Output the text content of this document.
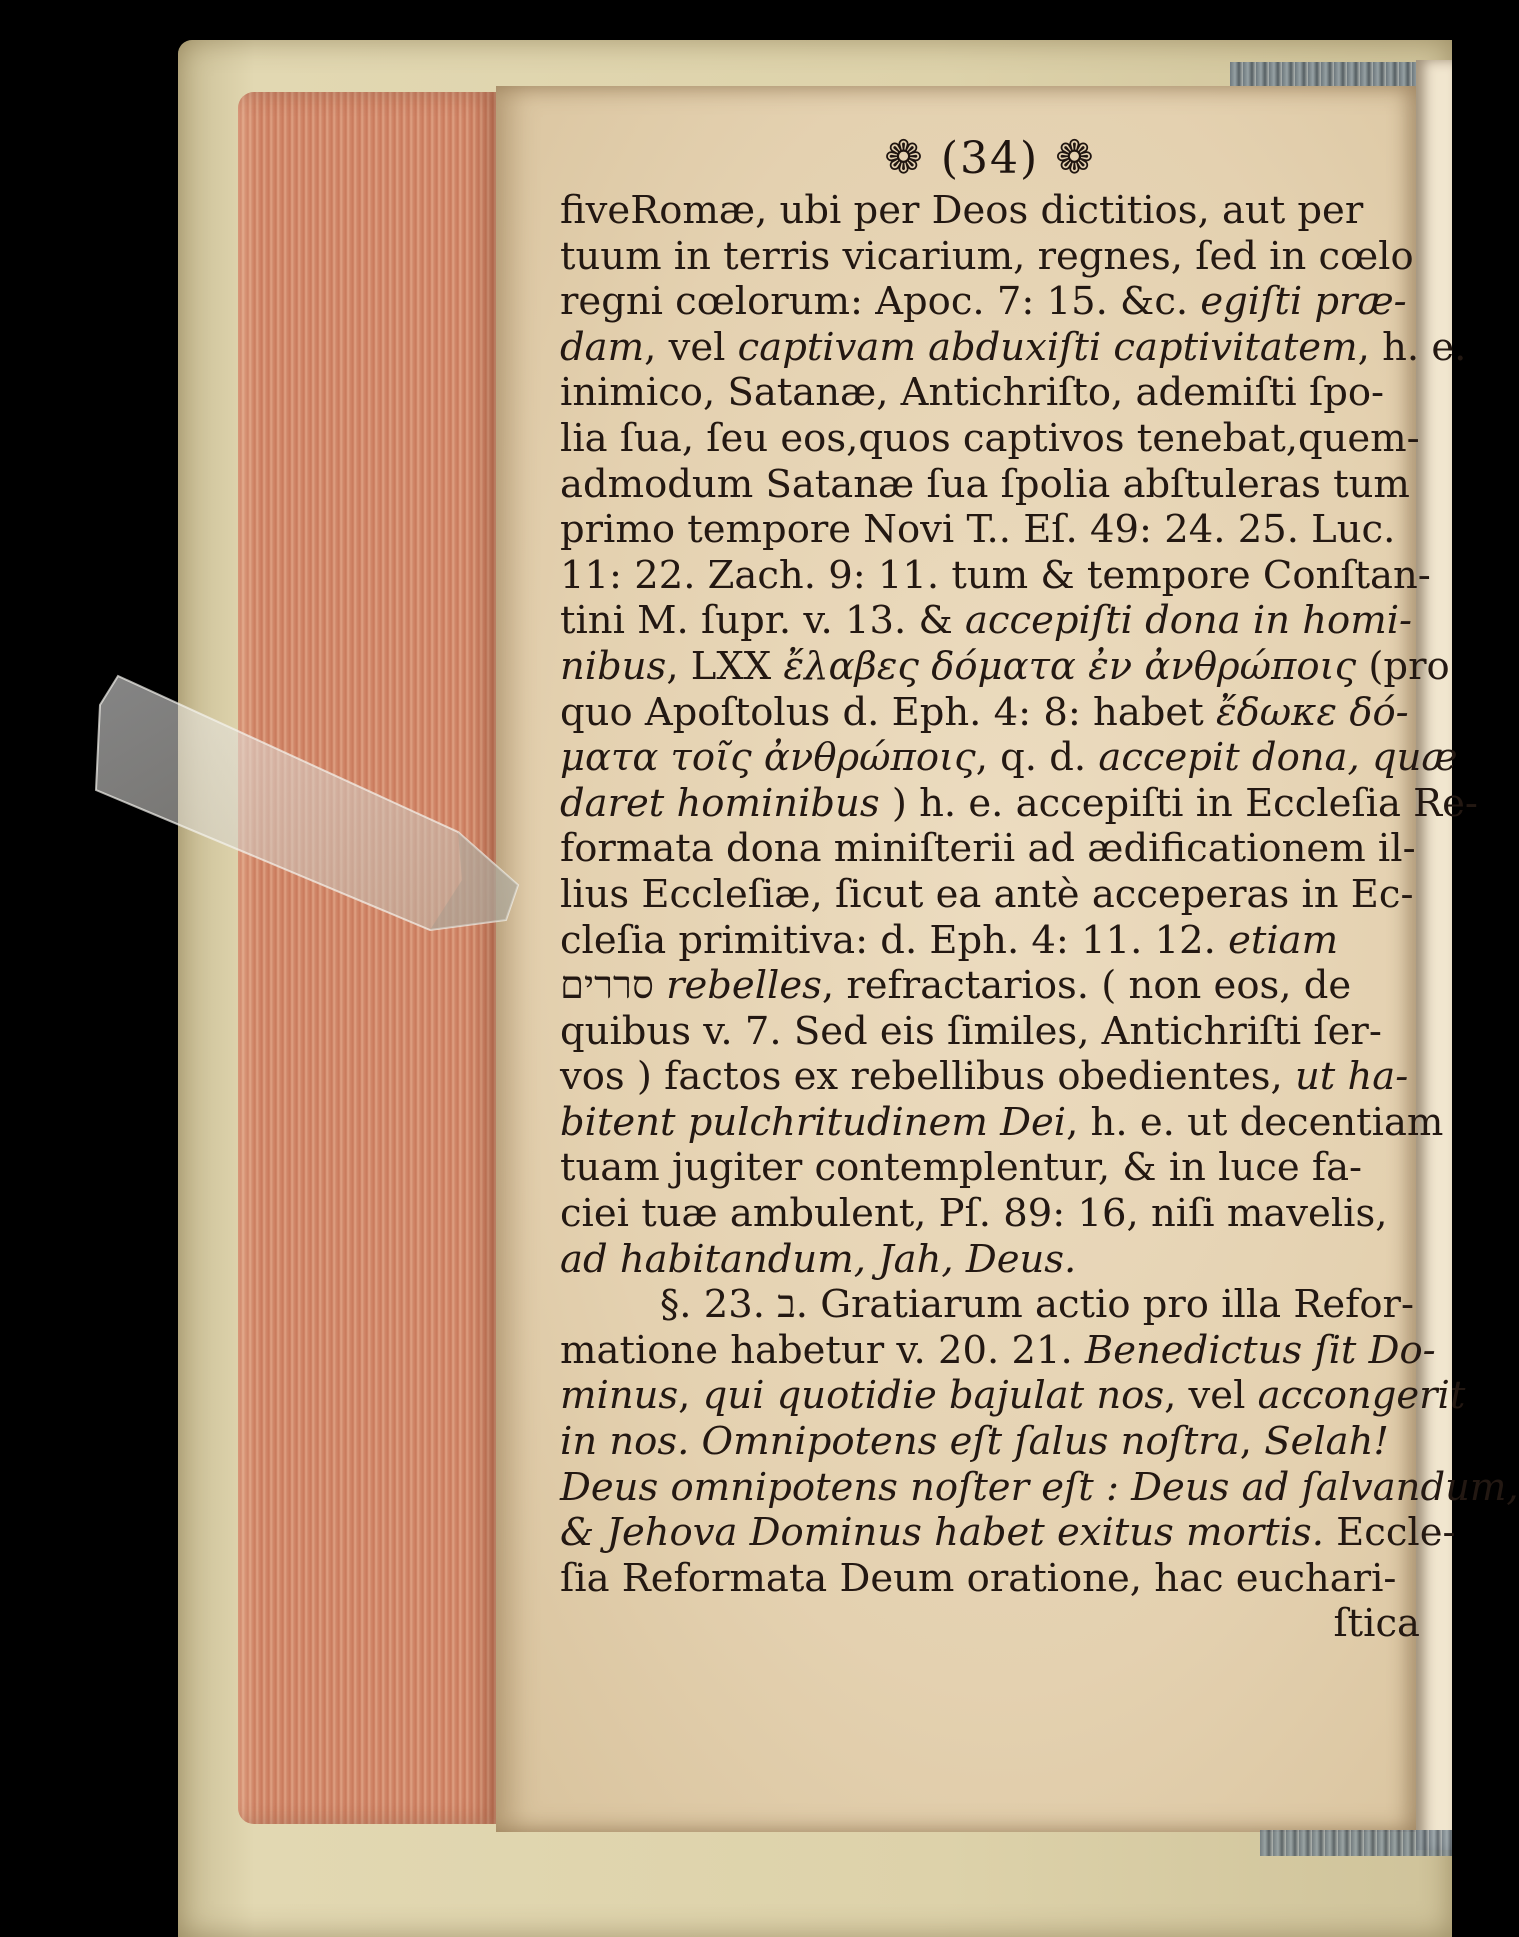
❁ (34) ❁
fiveRomæ, ubi per Deos dictitios, aut per
tuum in terris vicarium, regnes, ſed in cœlo
regni cœlorum: Apoc. 7: 15. &c. egiſti præ-
dam, vel captivam abduxiſti captivitatem, h. e.
inimico, Satanæ, Antichriſto, ademiſti ſpo-
lia ſua, ſeu eos,quos captivos tenebat,quem-
admodum Satanæ ſua ſpolia abſtuleras tum
primo tempore Novi T.. Eſ. 49: 24. 25. Luc.
11: 22. Zach. 9: 11. tum & tempore Conſtan-
tini M. ſupr. v. 13. & accepiſti dona in homi-
nibus, LXX ἔλαβες δόματα ἐν ἀνθρώποις (pro
quo Apoſtolus d. Eph. 4: 8: habet ἔδωκε δό-
ματα τοῖς ἀνθρώποις, q. d. accepit dona, quæ
daret hominibus ) h. e. accepiſti in Eccleſia Re-
formata dona miniſterii ad ædificationem il-
lius Eccleſiæ, ſicut ea antè acceperas in Ec-
cleſia primitiva: d. Eph. 4: 11. 12. etiam
סררים rebelles, refractarios. ( non eos, de
quibus v. 7. Sed eis ſimiles, Antichriſti ſer-
vos ) factos ex rebellibus obedientes, ut ha-
bitent pulchritudinem Dei, h. e. ut decentiam
tuam jugiter contemplentur, & in luce fa-
ciei tuæ ambulent, Pſ. 89: 16, niſi mavelis,
ad habitandum, Jah, Deus.
§. 23. ב. Gratiarum actio pro illa Refor-
matione habetur v. 20. 21. Benedictus ſit Do-
minus, qui quotidie bajulat nos, vel accongerit
in nos. Omnipotens eſt ſalus noſtra, Selah!
Deus omnipotens noſter eſt : Deus ad ſalvandum,
& Jehova Dominus habet exitus mortis. Eccle-
ſia Reformata Deum oratione, hac euchari-
ſtica
